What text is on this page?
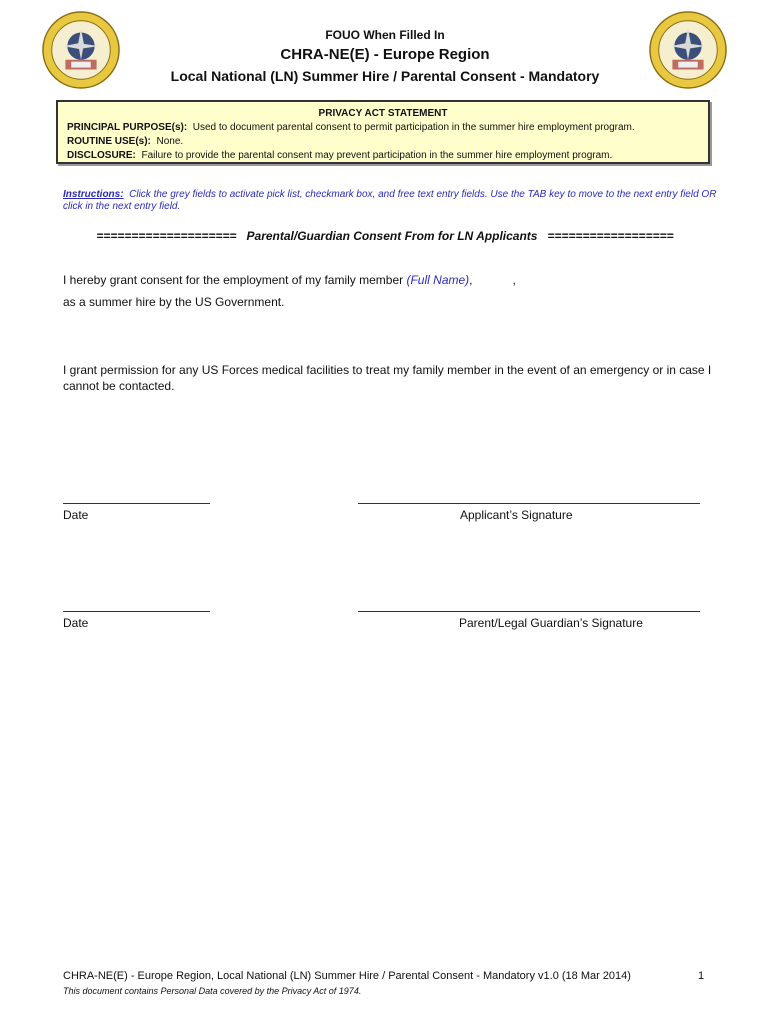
FOUO When Filled In
CHRA-NE(E) - Europe Region
Local National (LN) Summer Hire / Parental Consent - Mandatory
PRIVACY ACT STATEMENT
PRINCIPAL PURPOSE(s): Used to document parental consent to permit participation in the summer hire employment program.
ROUTINE USE(s): None.
DISCLOSURE: Failure to provide the parental consent may prevent participation in the summer hire employment program.
Instructions: Click the grey fields to activate pick list, checkmark box, and free text entry fields. Use the TAB key to move to the next entry field OR click in the next entry field.
====================   Parental/Guardian Consent From for LN Applicants   ==================
I hereby grant consent for the employment of my family member (Full Name),            ,
as a summer hire by the US Government.
I grant permission for any US Forces medical facilities to treat my family member in the event of an emergency or in case I cannot be contacted.
Date	Applicant’s Signature
Date	Parent/Legal Guardian’s Signature
CHRA-NE(E) - Europe Region, Local National (LN) Summer Hire / Parental Consent - Mandatory v1.0 (18 Mar 2014)	1
This document contains Personal Data covered by the Privacy Act of 1974.
